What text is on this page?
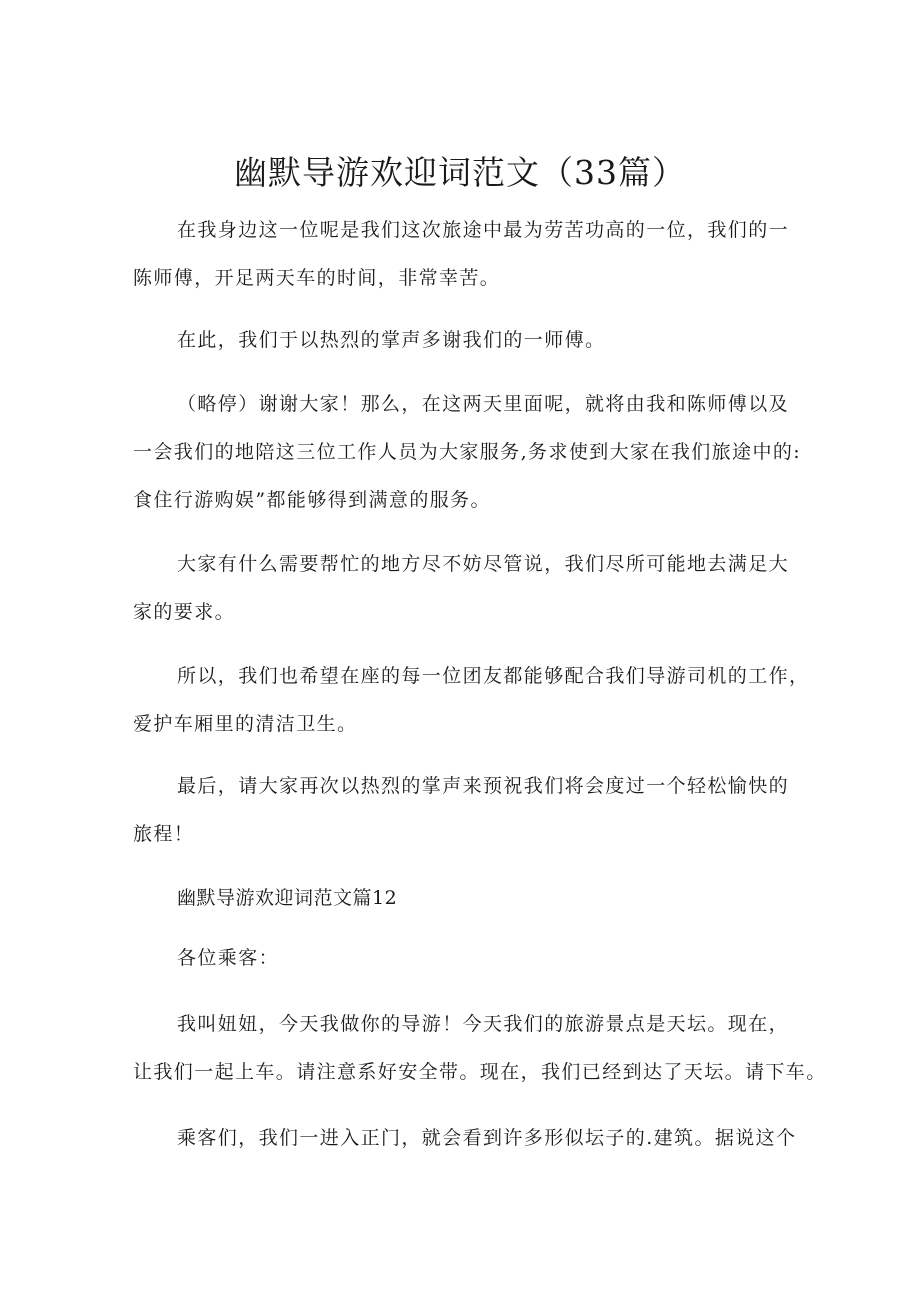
幽默导游欢迎词范文（33篇）

在我身边这一位呢是我们这次旅途中最为劳苦功高的一位，我们的一
陈师傅，开足两天车的时间，非常幸苦。

在此，我们于以热烈的掌声多谢我们的一师傅。

（略停）谢谢大家！那么，在这两天里面呢，就将由我和陈师傅以及
一会我们的地陪这三位工作人员为大家服务,务求使到大家在我们旅途中的:
食住行游购娱”都能够得到满意的服务。

大家有什么需要帮忙的地方尽不妨尽管说，我们尽所可能地去满足大
家的要求。

所以，我们也希望在座的每一位团友都能够配合我们导游司机的工作，
爱护车厢里的清洁卫生。

最后，请大家再次以热烈的掌声来预祝我们将会度过一个轻松愉快的
旅程！

幽默导游欢迎词范文篇12

各位乘客：

我叫妞妞，今天我做你的导游！今天我们的旅游景点是天坛。现在，
让我们一起上车。请注意系好安全带。现在，我们已经到达了天坛。请下车。

乘客们，我们一进入正门，就会看到许多形似坛子的.建筑。据说这个
